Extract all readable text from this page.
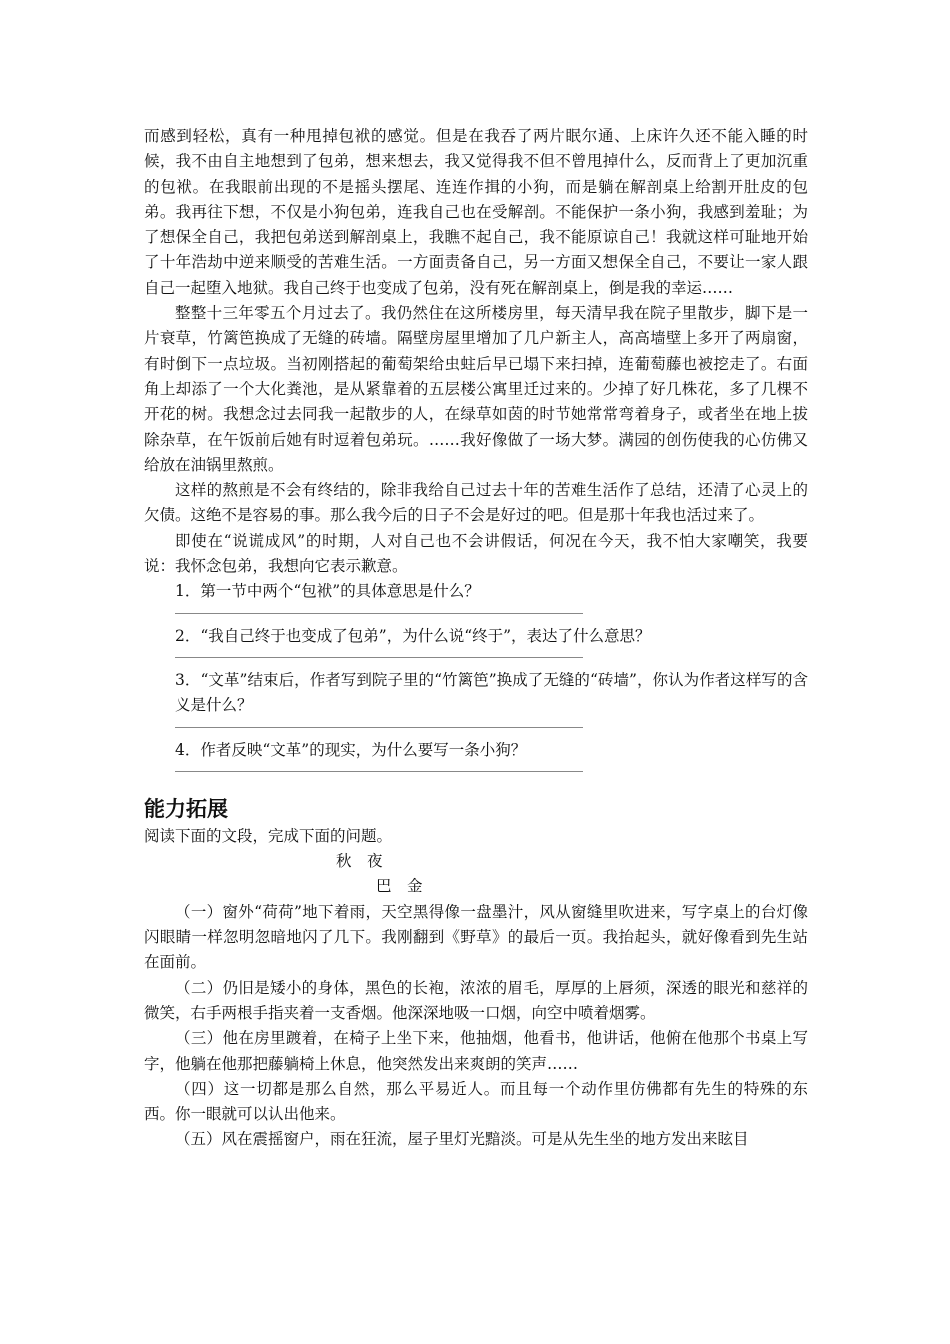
而感到轻松，真有一种甩掉包袱的感觉。但是在我吞了两片眠尔通、上床许久还不能入睡的时候，我不由自主地想到了包弟，想来想去，我又觉得我不但不曾甩掉什么，反而背上了更加沉重的包袱。在我眼前出现的不是摇头摆尾、连连作揖的小狗，而是躺在解剖桌上给割开肚皮的包弟。我再往下想，不仅是小狗包弟，连我自己也在受解剖。不能保护一条小狗，我感到羞耻；为了想保全自己，我把包弟送到解剖桌上，我瞧不起自己，我不能原谅自己！我就这样可耻地开始了十年浩劫中逆来顺受的苦难生活。一方面责备自己，另一方面又想保全自己，不要让一家人跟自己一起堕入地狱。我自己终于也变成了包弟，没有死在解剖桌上，倒是我的幸运……

整整十三年零五个月过去了。我仍然住在这所楼房里，每天清早我在院子里散步，脚下是一片衰草，竹篱笆换成了无缝的砖墙。隔壁房屋里增加了几户新主人，高高墙壁上多开了两扇窗，有时倒下一点垃圾。当初刚搭起的葡萄架给虫蛀后早已塌下来扫掉，连葡萄藤也被挖走了。右面角上却添了一个大化粪池，是从紧靠着的五层楼公寓里迁过来的。少掉了好几株花，多了几棵不开花的树。我想念过去同我一起散步的人，在绿草如茵的时节她常常弯着身子，或者坐在地上拔除杂草，在午饭前后她有时逗着包弟玩。……我好像做了一场大梦。满园的创伤使我的心仿佛又给放在油锅里熬煎。

这样的熬煎是不会有终结的，除非我给自己过去十年的苦难生活作了总结，还清了心灵上的欠债。这绝不是容易的事。那么我今后的日子不会是好过的吧。但是那十年我也活过来了。

即使在“说谎成风”的时期，人对自己也不会讲假话，何况在今天，我不怕大家嘲笑，我要说：我怀念包弟，我想向它表示歉意。

1．第一节中两个“包袱”的具体意思是什么？

2．“我自己终于也变成了包弟”，为什么说“终于”，表达了什么意思？

3．“文革”结束后，作者写到院子里的“竹篱笆”换成了无缝的“砖墙”，你认为作者这样写的含义是什么？

4．作者反映“文革”的现实，为什么要写一条小狗？

能力拓展

阅读下面的文段，完成下面的问题。

秋　夜

巴　金

（一）窗外“荷荷”地下着雨，天空黑得像一盘墨汁，风从窗缝里吹进来，写字桌上的台灯像闪眼睛一样忽明忽暗地闪了几下。我刚翻到《野草》的最后一页。我抬起头，就好像看到先生站在面前。

（二）仍旧是矮小的身体，黑色的长袍，浓浓的眉毛，厚厚的上唇须，深透的眼光和慈祥的微笑，右手两根手指夹着一支香烟。他深深地吸一口烟，向空中喷着烟雾。

（三）他在房里踱着，在椅子上坐下来，他抽烟，他看书，他讲话，他俯在他那个书桌上写字，他躺在他那把藤躺椅上休息，他突然发出来爽朗的笑声……

（四）这一切都是那么自然，那么平易近人。而且每一个动作里仿佛都有先生的特殊的东西。你一眼就可以认出他来。

（五）风在震摇窗户，雨在狂流，屋子里灯光黯淡。可是从先生坐的地方发出来眩目
